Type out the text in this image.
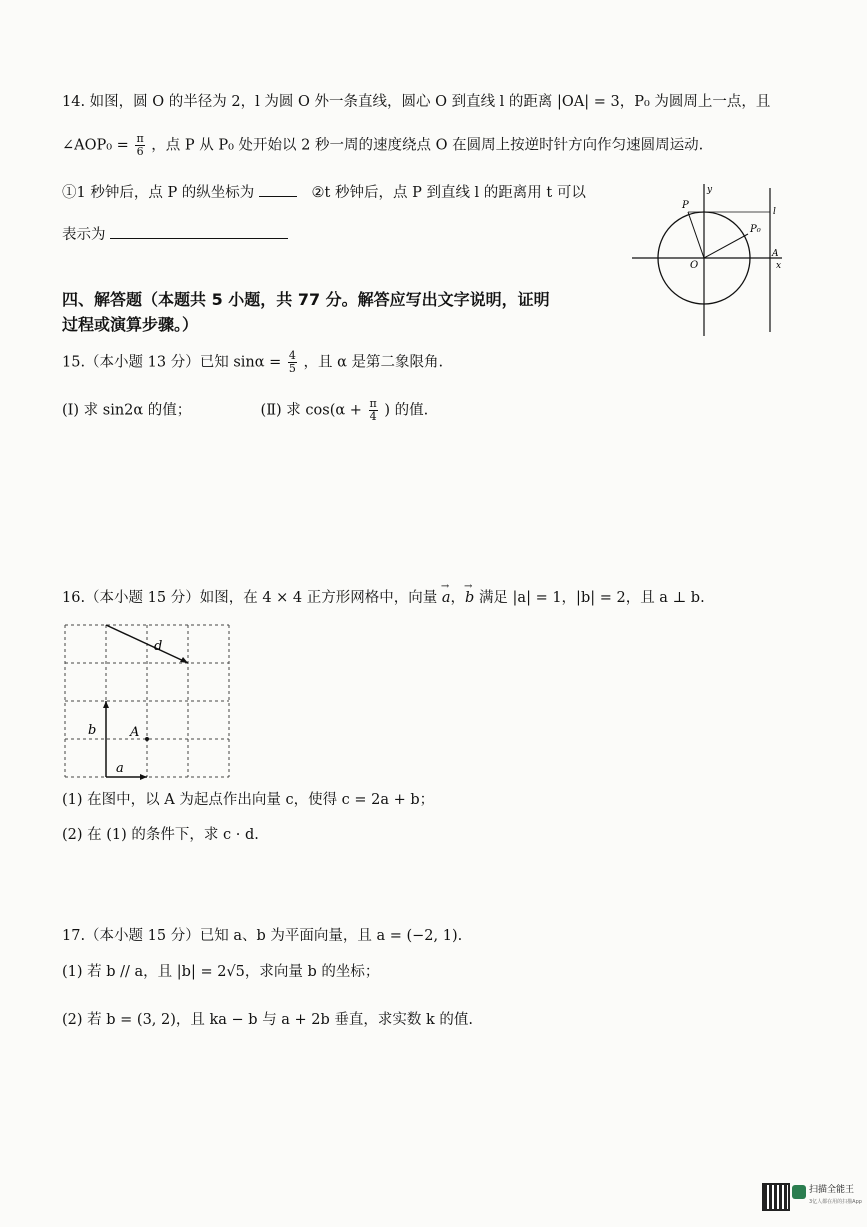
14. 如图，圆 O 的半径为 2，l 为圆 O 外一条直线，圆心 O 到直线 l 的距离 |OA| = 3，P₀ 为圆周上一点，且
∠AOP₀ = $\frac{\pi}{6}$ ，点 P 从 P₀ 处开始以 2 秒一周的速度绕点 O 在圆周上按逆时针方向作匀速圆周运动.
①1 秒钟后，点 P 的纵坐标为	②t 秒钟后，点 P 到直线 l 的距离用 t 可以
表示为
P
P₀
O	x
y
l
A
四、解答题（本题共 5 小题，共 77 分。解答应写出文字说明，证明
过程或演算步骤。）
15.（本小题 13 分）已知 $\sin\alpha = \frac{4}{5}$ ，且 α 是第二象限角.
(Ⅰ) 求 sin2α 的值；	(Ⅱ) 求 $\cos(\alpha + \frac{\pi}{4}$ ) 的值.
16.（本小题 15 分）如图，在 4 × 4 正方形网格中，向量 → a，→ b 满足 |a| = 1，|b| = 2，且 a ⊥ b.
d
b	A
a
(1) 在图中，以 A 为起点作出向量 c，使得 c = 2a + b；
(2) 在 (1) 的条件下，求 c · d.
17.（本小题 15 分）已知 a、b 为平面向量，且 a = (−2, 1).
(1) 若 b // a，且 |b| = 2√5，求向量 b 的坐标；
(2) 若 b = (3, 2)，且 ka − b 与 a + 2b 垂直，求实数 k 的值.
扫描全能王
3亿人都在用的扫描App
